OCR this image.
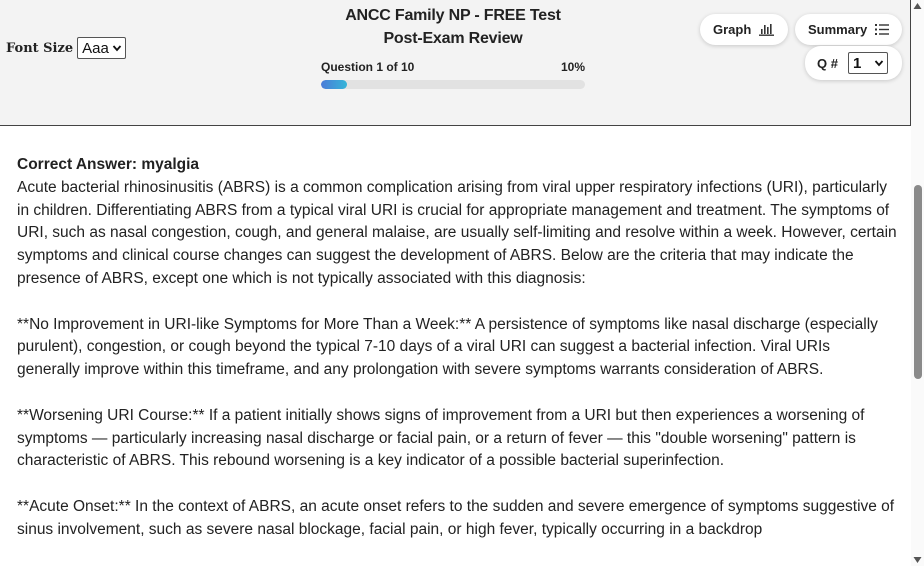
Font Size Aaa
ANCC Family NP - FREE Test
Post-Exam Review
Question 1 of 10	10%
Graph	Summary
Q # 1

Correct Answer: myalgia

Acute bacterial rhinosinusitis (ABRS) is a common complication arising from viral upper respiratory infections (URI), particularly in children. Differentiating ABRS from a typical viral URI is crucial for appropriate management and treatment. The symptoms of URI, such as nasal congestion, cough, and general malaise, are usually self-limiting and resolve within a week. However, certain symptoms and clinical course changes can suggest the development of ABRS. Below are the criteria that may indicate the presence of ABRS, except one which is not typically associated with this diagnosis:

**No Improvement in URI-like Symptoms for More Than a Week:** A persistence of symptoms like nasal discharge (especially purulent), congestion, or cough beyond the typical 7-10 days of a viral URI can suggest a bacterial infection. Viral URIs generally improve within this timeframe, and any prolongation with severe symptoms warrants consideration of ABRS.

**Worsening URI Course:** If a patient initially shows signs of improvement from a URI but then experiences a worsening of symptoms — particularly increasing nasal discharge or facial pain, or a return of fever — this "double worsening" pattern is characteristic of ABRS. This rebound worsening is a key indicator of a possible bacterial superinfection.

**Acute Onset:** In the context of ABRS, an acute onset refers to the sudden and severe emergence of symptoms suggestive of sinus involvement, such as severe nasal blockage, facial pain, or high fever, typically occurring in a backdrop
